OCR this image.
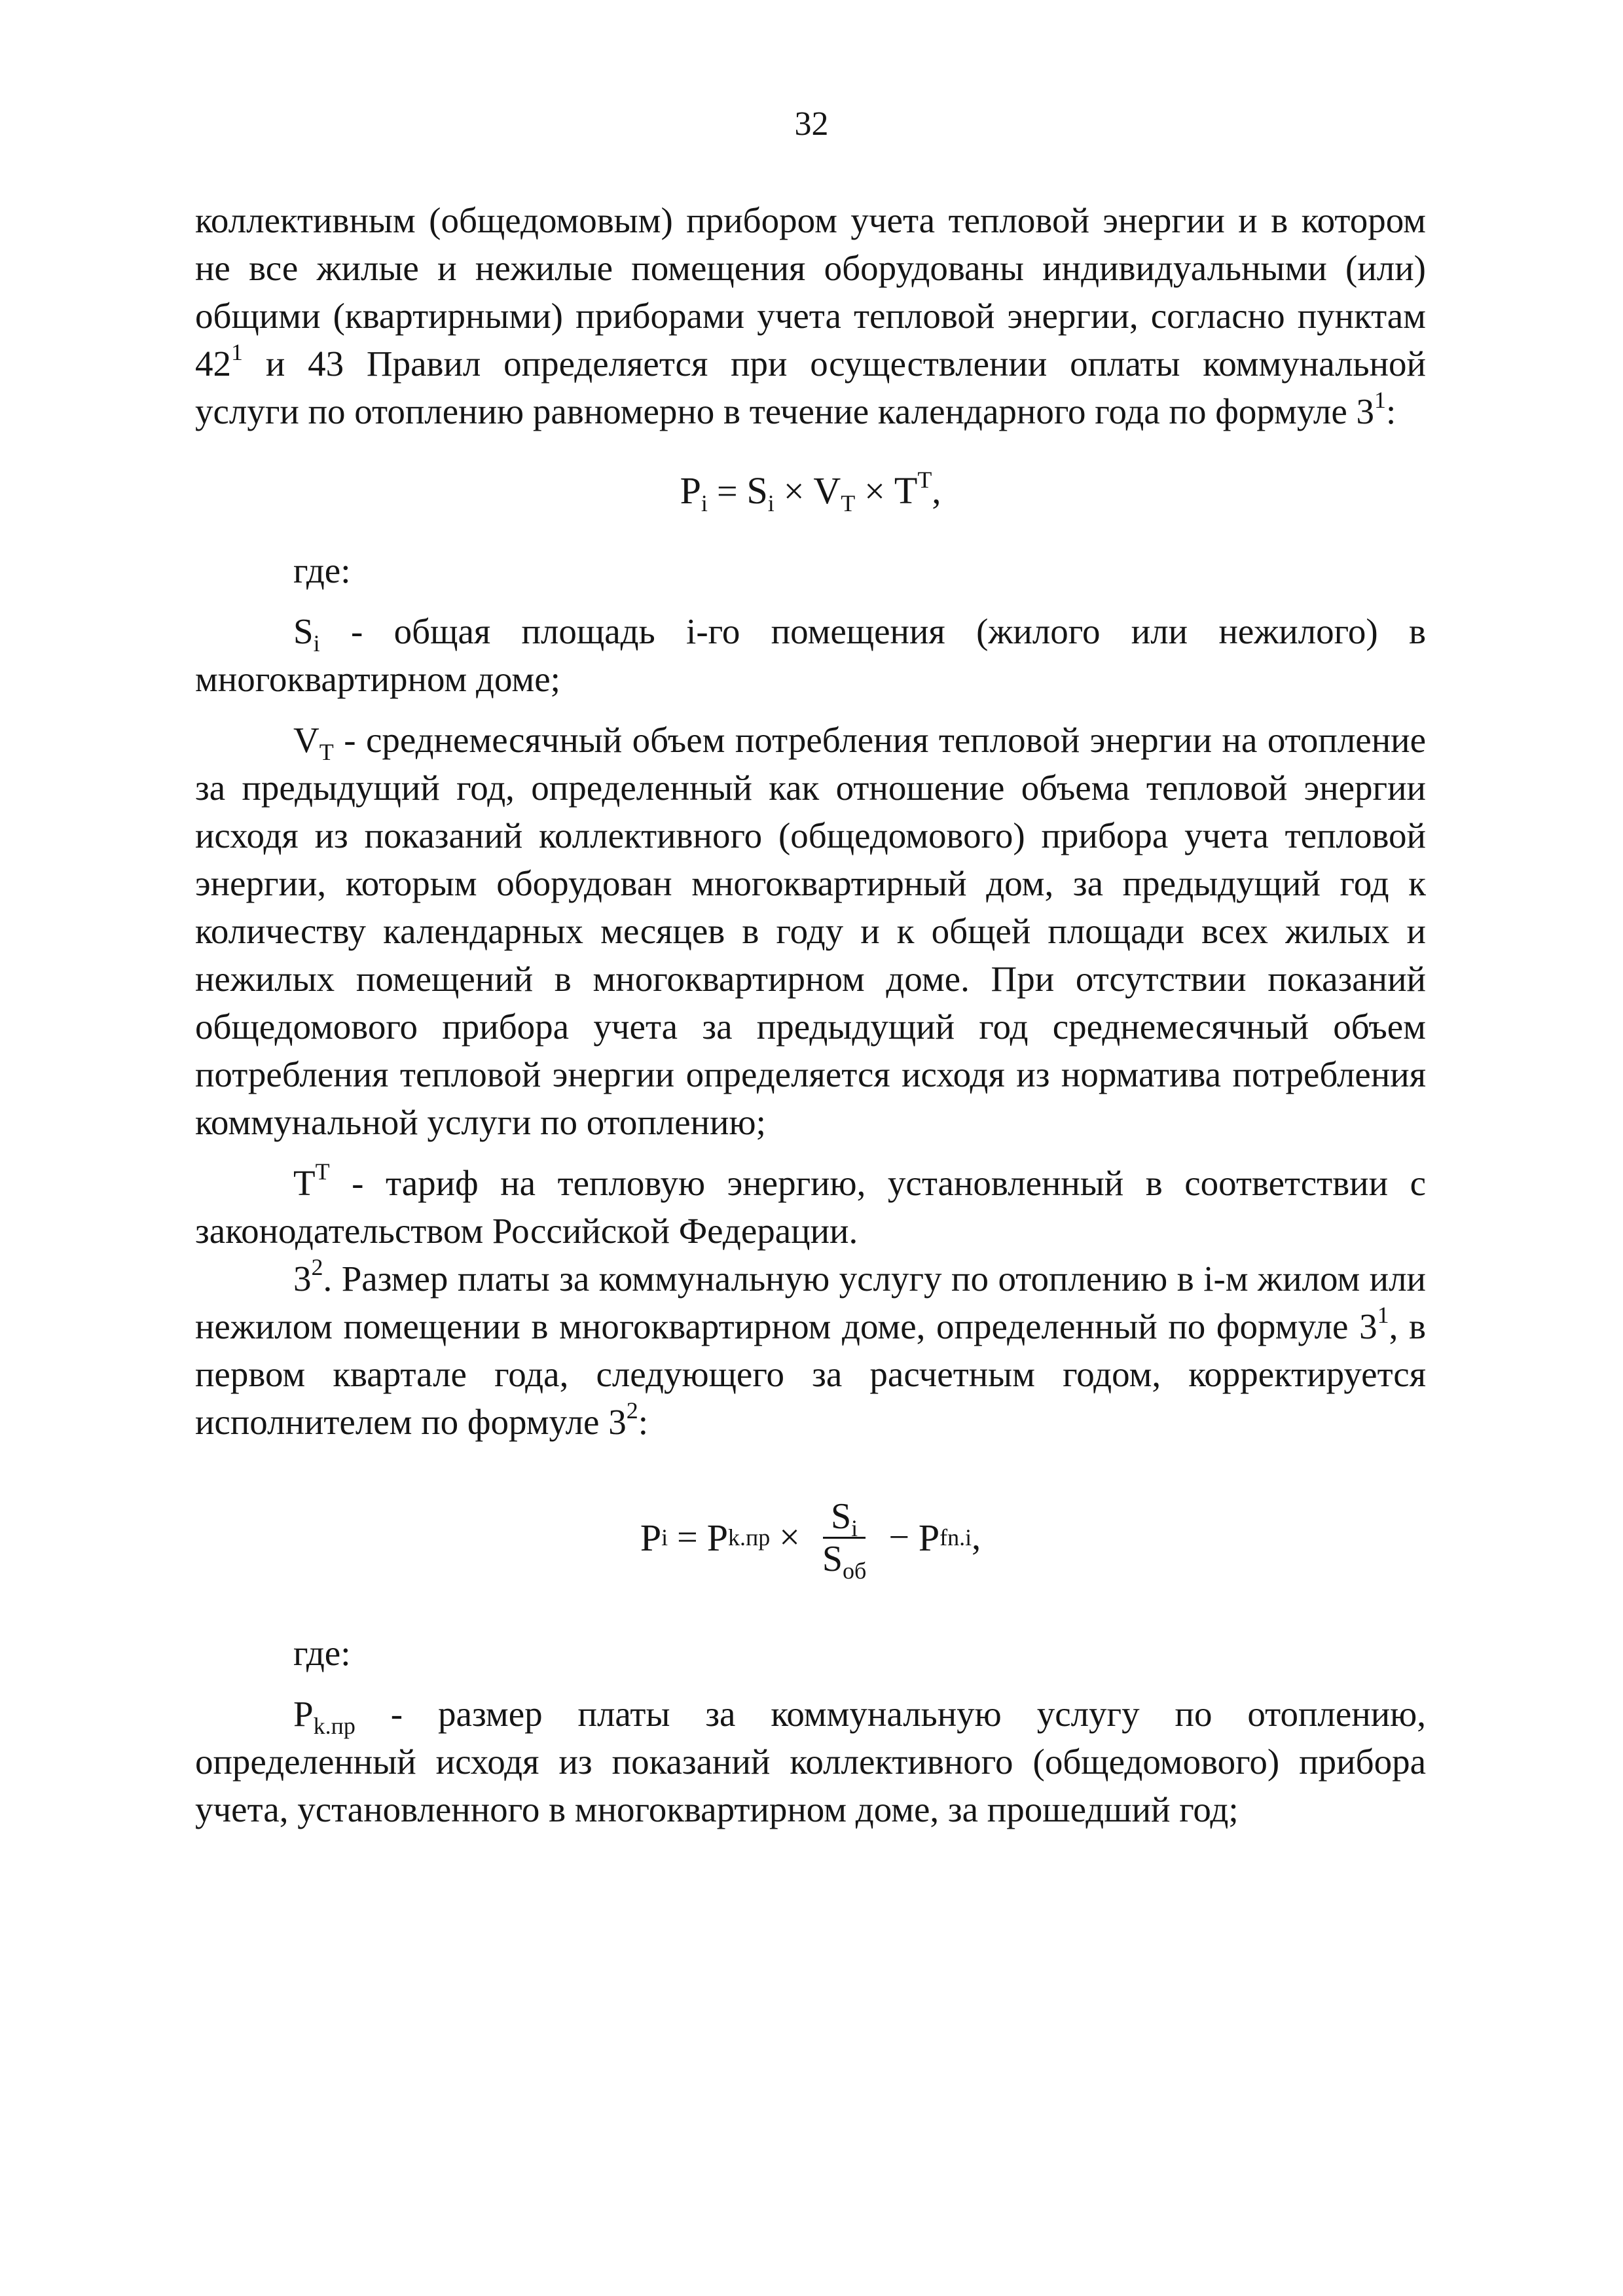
32

коллективным (общедомовым) прибором учета тепловой энергии и в котором не все жилые и нежилые помещения оборудованы индивидуальными (или) общими (квартирными) приборами учета тепловой энергии, согласно пунктам $42^1$ и 43 Правил определяется при осуществлении оплаты коммунальной услуги по отоплению равномерно в течение календарного года по формуле $3^1$:

$P_i = S_i \times V_T \times T^T$,

где:

$S_i$ - общая площадь i-го помещения (жилого или нежилого) в многоквартирном доме;

$V_T$ - среднемесячный объем потребления тепловой энергии на отопление за предыдущий год, определенный как отношение объема тепловой энергии исходя из показаний коллективного (общедомового) прибора учета тепловой энергии, которым оборудован многоквартирный дом, за предыдущий год к количеству календарных месяцев в году и к общей площади всех жилых и нежилых помещений в многоквартирном доме. При отсутствии показаний общедомового прибора учета за предыдущий год среднемесячный объем потребления тепловой энергии определяется исходя из норматива потребления коммунальной услуги по отоплению;

$T^T$ - тариф на тепловую энергию, установленный в соответствии с законодательством Российской Федерации.

$3^2$. Размер платы за коммунальную услугу по отоплению в i-м жилом или нежилом помещении в многоквартирном доме, определенный по формуле $3^1$, в первом квартале года, следующего за расчетным годом, корректируется исполнителем по формуле $3^2$:

P i = P $k.пр \times \frac{S_i}{S_{об}} - P$ fn.i ,

где:

$P_{k.пр}$ - размер платы за коммунальную услугу по отоплению, определенный исходя из показаний коллективного (общедомового) прибора учета, установленного в многоквартирном доме, за прошедший год;
